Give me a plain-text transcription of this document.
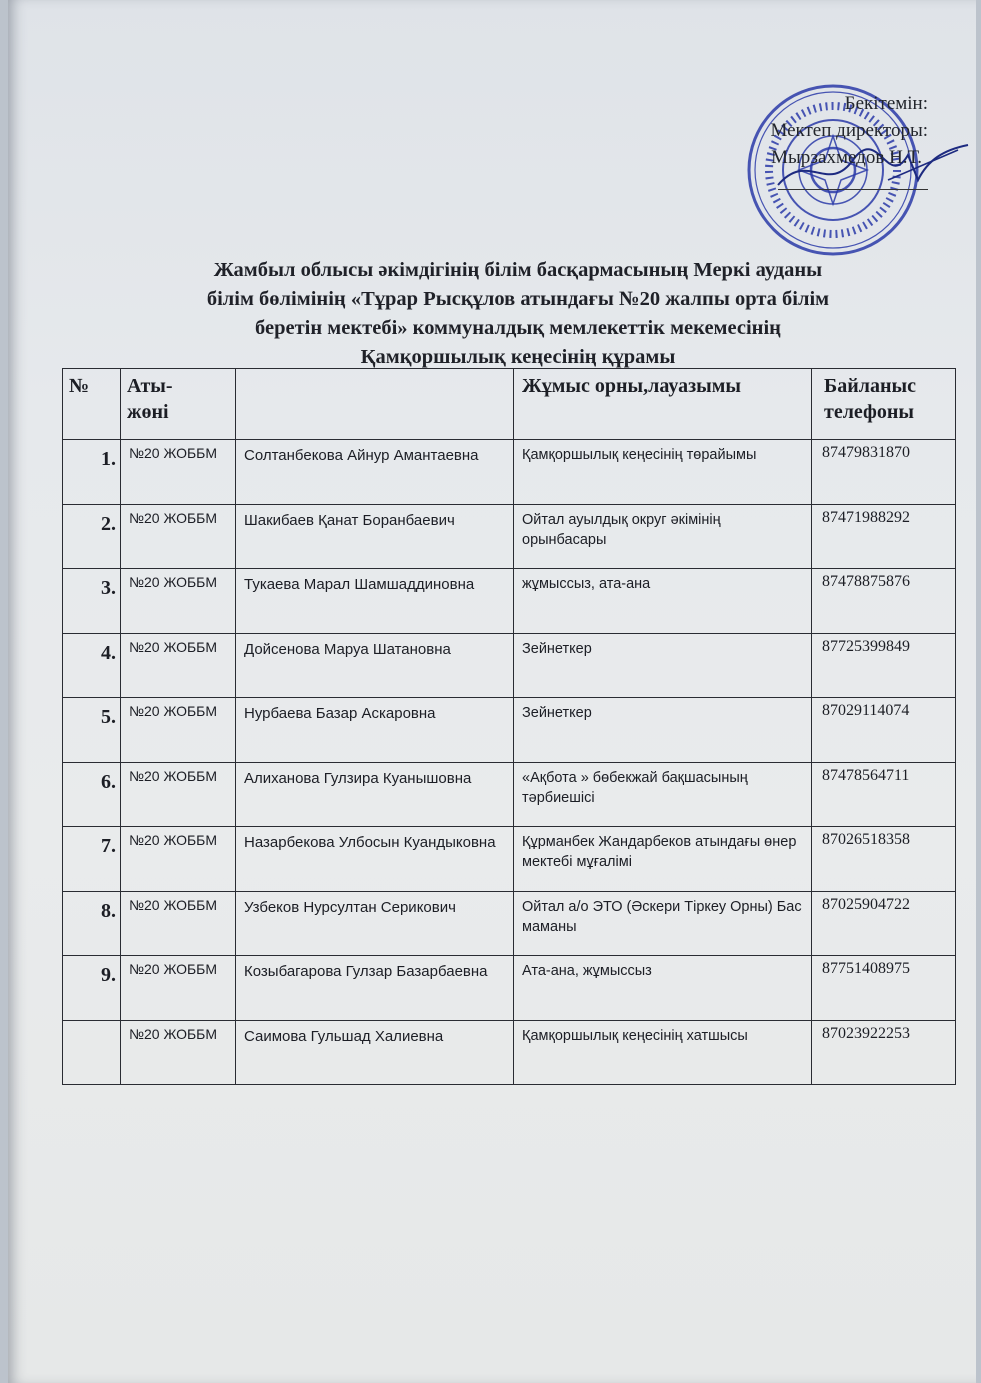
Бекітемін:
Мектеп директоры:
Мырзахмедов Н.Т.
Жамбыл облысы әкімдігінің білім басқармасының Меркі ауданы
білім бөлімінің «Тұрар Рысқұлов атындағы №20 жалпы орта білім
беретін мектебі» коммуналдық мемлекеттік мекемесінің
Қамқоршылық кеңесінің құрамы
№	Аты-жөні		Жұмыс орны,лауазымы	Байланыс телефоны
1.	№20 ЖОББМ	Солтанбекова Айнур Амантаевна	Қамқоршылық кеңесінің төрайымы	87479831870
2.	№20 ЖОББМ	Шакибаев Қанат Боранбаевич	Ойтал ауылдық округ әкімінің орынбасары	87471988292
3.	№20 ЖОББМ	Тукаева Марал Шамшаддиновна	жұмыссыз, ата-ана	87478875876
4.	№20 ЖОББМ	Дойсенова Маруа Шатановна	Зейнеткер	87725399849
5.	№20 ЖОББМ	Нурбаева Базар Аскаровна	Зейнеткер	87029114074
6.	№20 ЖОББМ	Алиханова Гулзира Куанышовна	«Ақбота » бөбекжай бақшасының тәрбиешісі	87478564711
7.	№20 ЖОББМ	Назарбекова Улбосын Куандыковна	Құрманбек Жандарбеков атындағы өнер мектебі мұғалімі	87026518358
8.	№20 ЖОББМ	Узбеков Нурсултан Серикович	Ойтал а/о ЭТО (Әскери Тіркеу Орны) Бас маманы	87025904722
9.	№20 ЖОББМ	Козыбагарова Гулзар Базарбаевна	Ата-ана, жұмыссыз	87751408975
	№20 ЖОББМ	Саимова Гульшад Халиевна	Қамқоршылық кеңесінің хатшысы	87023922253
